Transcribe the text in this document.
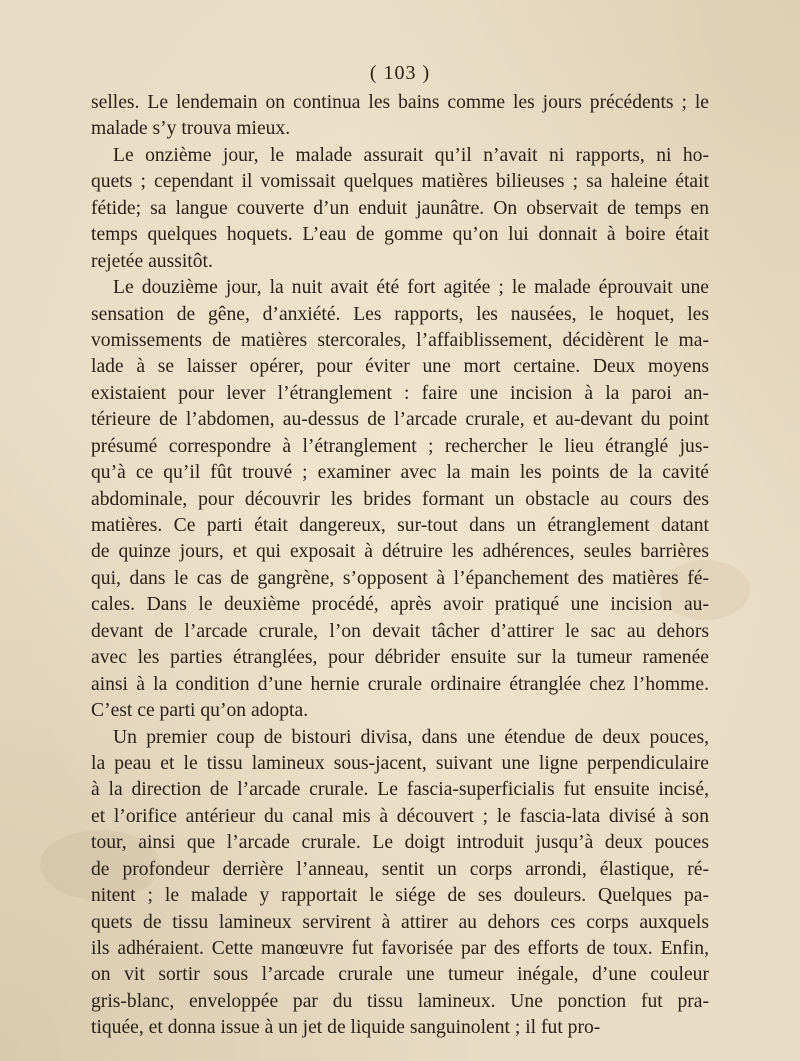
( 103 )
selles. Le lendemain on continua les bains comme les jours précédents ; le
malade s’y trouva mieux.
Le onzième jour, le malade assurait qu’il n’avait ni rapports, ni ho-
quets ; cependant il vomissait quelques matières bilieuses ; sa haleine était
fétide; sa langue couverte d’un enduit jaunâtre. On observait de temps en
temps quelques hoquets. L’eau de gomme qu’on lui donnait à boire était
rejetée aussitôt.
Le douzième jour, la nuit avait été fort agitée ; le malade éprouvait une
sensation de gêne, d’anxiété. Les rapports, les nausées, le hoquet, les
vomissements de matières stercorales, l’affaiblissement, décidèrent le ma-
lade à se laisser opérer, pour éviter une mort certaine. Deux moyens
existaient pour lever l’étranglement : faire une incision à la paroi an-
térieure de l’abdomen, au-dessus de l’arcade crurale, et au-devant du point
présumé correspondre à l’étranglement ; rechercher le lieu étranglé jus-
qu’à ce qu’il fût trouvé ; examiner avec la main les points de la cavité
abdominale, pour découvrir les brides formant un obstacle au cours des
matières. Ce parti était dangereux, sur-tout dans un étranglement datant
de quinze jours, et qui exposait à détruire les adhérences, seules barrières
qui, dans le cas de gangrène, s’opposent à l’épanchement des matières fé-
cales. Dans le deuxième procédé, après avoir pratiqué une incision au-
devant de l’arcade crurale, l’on devait tâcher d’attirer le sac au dehors
avec les parties étranglées, pour débrider ensuite sur la tumeur ramenée
ainsi à la condition d’une hernie crurale ordinaire étranglée chez l’homme.
C’est ce parti qu’on adopta.
Un premier coup de bistouri divisa, dans une étendue de deux pouces,
la peau et le tissu lamineux sous-jacent, suivant une ligne perpendiculaire
à la direction de l’arcade crurale. Le fascia-superficialis fut ensuite incisé,
et l’orifice antérieur du canal mis à découvert ; le fascia-lata divisé à son
tour, ainsi que l’arcade crurale. Le doigt introduit jusqu’à deux pouces
de profondeur derrière l’anneau, sentit un corps arrondi, élastique, ré-
nitent ; le malade y rapportait le siége de ses douleurs. Quelques pa-
quets de tissu lamineux servirent à attirer au dehors ces corps auxquels
ils adhéraient. Cette manœuvre fut favorisée par des efforts de toux. Enfin,
on vit sortir sous l’arcade crurale une tumeur inégale, d’une couleur
gris-blanc, enveloppée par du tissu lamineux. Une ponction fut pra-
tiquée, et donna issue à un jet de liquide sanguinolent ; il fut pro-
